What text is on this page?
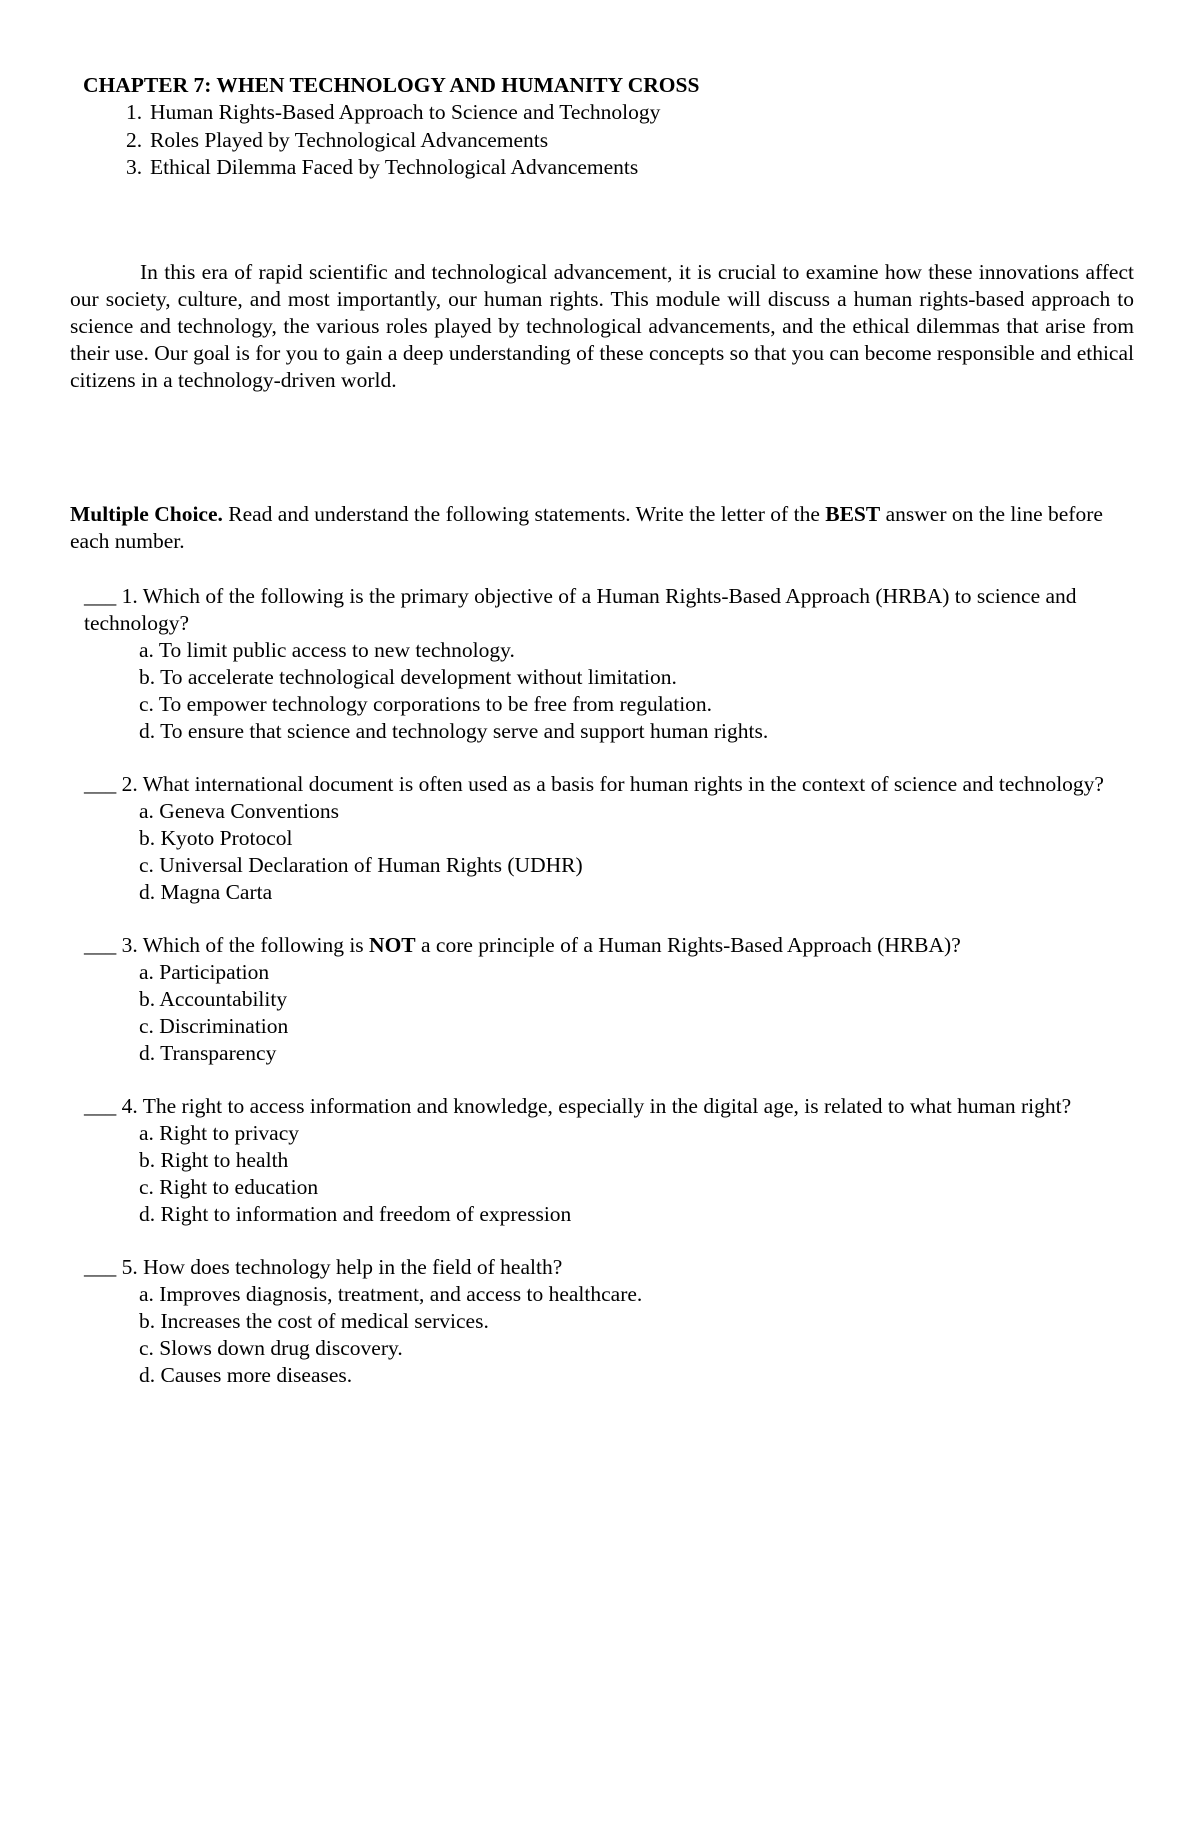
CHAPTER 7: WHEN TECHNOLOGY AND HUMANITY CROSS
1. Human Rights-Based Approach to Science and Technology
2. Roles Played by Technological Advancements
3. Ethical Dilemma Faced by Technological Advancements

In this era of rapid scientific and technological advancement, it is crucial to examine how these innovations affect our society, culture, and most importantly, our human rights. This module will discuss a human rights-based approach to science and technology, the various roles played by technological advancements, and the ethical dilemmas that arise from their use. Our goal is for you to gain a deep understanding of these concepts so that you can become responsible and ethical citizens in a technology-driven world.

Multiple Choice. Read and understand the following statements. Write the letter of the BEST answer on the line before each number.

___ 1. Which of the following is the primary objective of a Human Rights-Based Approach (HRBA) to science and technology?

a. To limit public access to new technology.
b. To accelerate technological development without limitation.
c. To empower technology corporations to be free from regulation.
d. To ensure that science and technology serve and support human rights.

___ 2. What international document is often used as a basis for human rights in the context of science and technology?

a. Geneva Conventions
b. Kyoto Protocol
c. Universal Declaration of Human Rights (UDHR)
d. Magna Carta

___ 3. Which of the following is NOT a core principle of a Human Rights-Based Approach (HRBA)?

a. Participation
b. Accountability
c. Discrimination
d. Transparency

___ 4. The right to access information and knowledge, especially in the digital age, is related to what human right?

a. Right to privacy
b. Right to health
c. Right to education
d. Right to information and freedom of expression

___ 5. How does technology help in the field of health?

a. Improves diagnosis, treatment, and access to healthcare.
b. Increases the cost of medical services.
c. Slows down drug discovery.
d. Causes more diseases.
